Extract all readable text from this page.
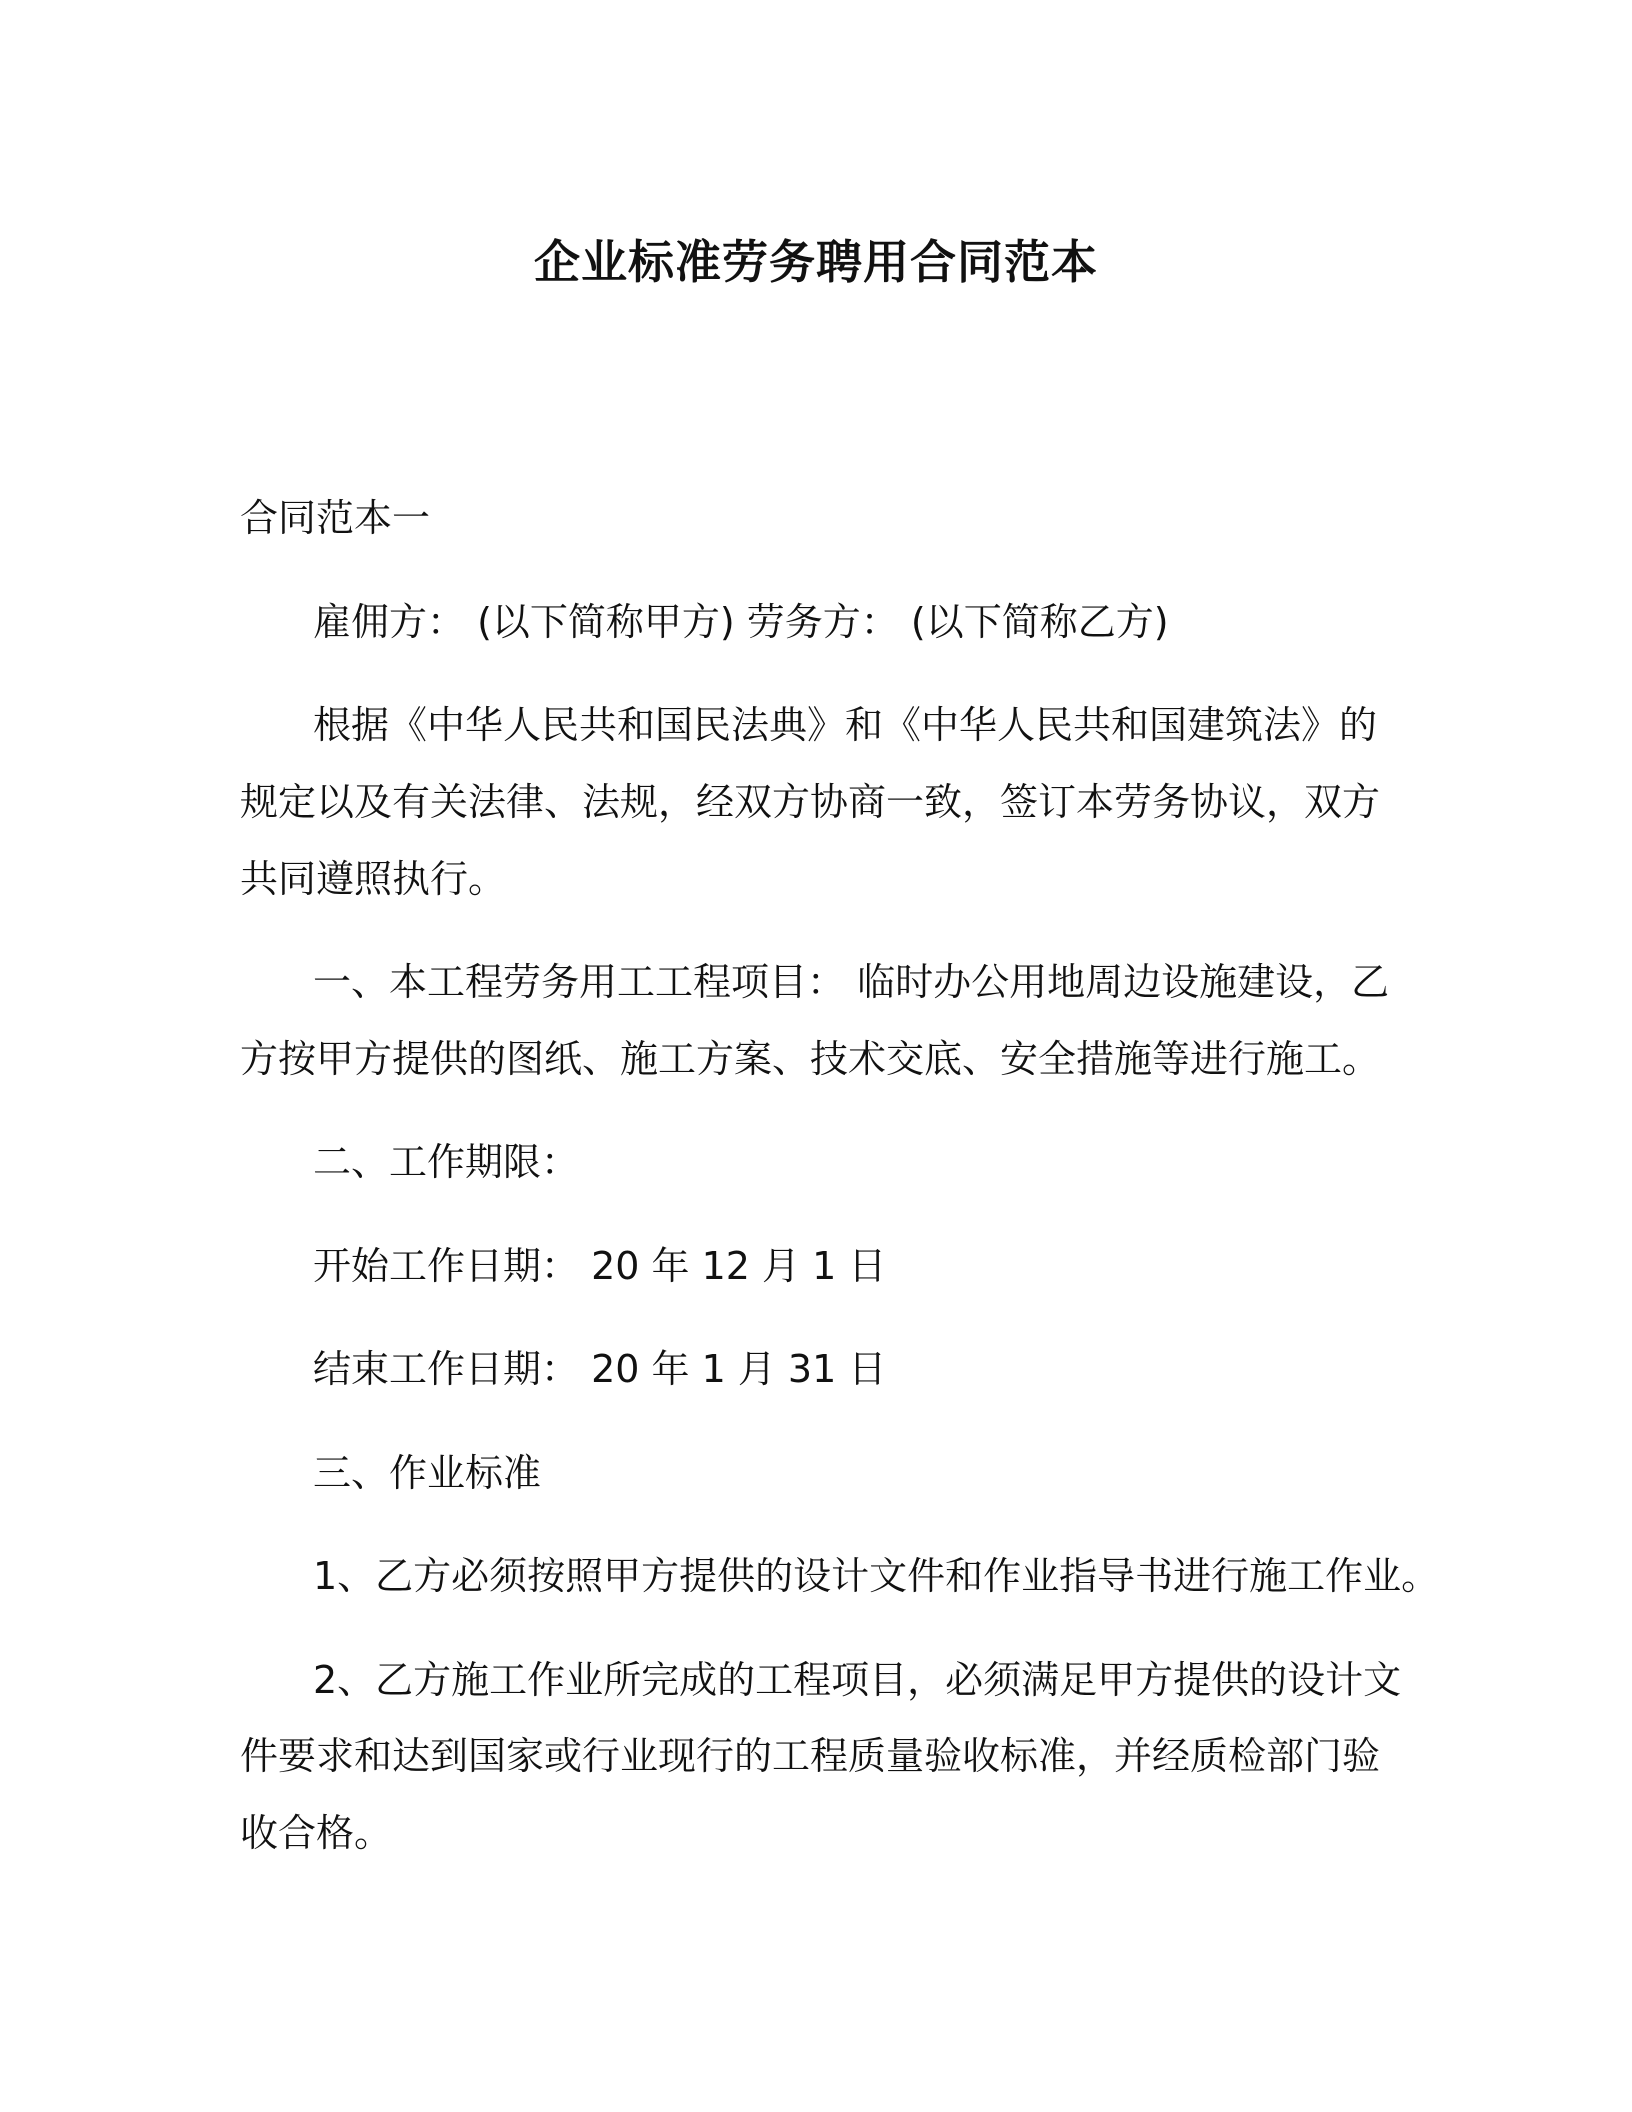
企业标准劳务聘用合同范本

合同范本一

雇佣方： (以下简称甲方) 劳务方： (以下简称乙方)

根据《中华人民共和国民法典》和《中华人民共和国建筑法》的

规定以及有关法律、法规，经双方协商一致，签订本劳务协议，双方

共同遵照执行。

一、本工程劳务用工工程项目： 临时办公用地周边设施建设，乙

方按甲方提供的图纸、施工方案、技术交底、安全措施等进行施工。

二、工作期限：

开始工作日期： 20 年 12 月 1 日

结束工作日期： 20 年 1 月 31 日

三、作业标准

1、乙方必须按照甲方提供的设计文件和作业指导书进行施工作业。

2、乙方施工作业所完成的工程项目，必须满足甲方提供的设计文

件要求和达到国家或行业现行的工程质量验收标准，并经质检部门验

收合格。
